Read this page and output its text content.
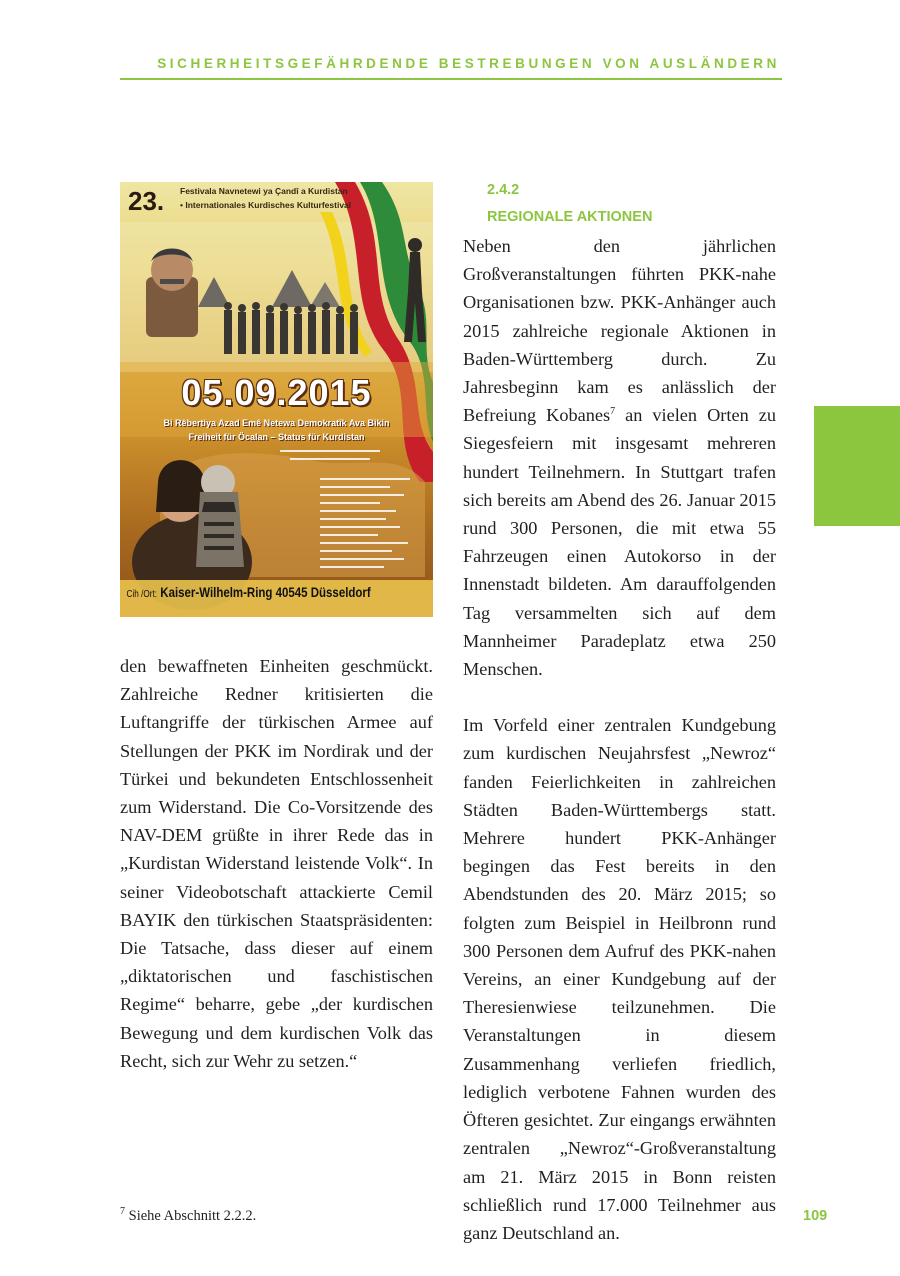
SICHERHEITSGEFÄHRDENDE BESTREBUNGEN VON AUSLÄNDERN
23. Festivala Navnetewi ya Çandî a Kurdistan
• Internationales Kurdisches Kulturfestival
05.09.2015
Bi Rêbertiya Azad Emê Netewa Demokratîk Ava Bikin
Freiheit für Öcalan – Status für Kurdistan
Cih /Ort: Kaiser-Wilhelm-Ring 40545 Düsseldorf
2.4.2
REGIONALE AKTIONEN

Neben den jährlichen Großveranstaltungen führten PKK-nahe Organisationen bzw. PKK-Anhänger auch 2015 zahlreiche regionale Aktionen in Baden-Württemberg durch. Zu Jahresbeginn kam es anlässlich der Befreiung Kobanes$^7$ an vielen Orten zu Siegesfeiern mit insgesamt mehreren hundert Teilnehmern. In Stuttgart trafen sich bereits am Abend des 26. Januar 2015 rund 300 Personen, die mit etwa 55 Fahrzeugen einen Autokorso in der Innenstadt bildeten. Am darauffolgenden Tag versammelten sich auf dem Mannheimer Paradeplatz etwa 250 Menschen.

Im Vorfeld einer zentralen Kundgebung zum kurdischen Neujahrsfest „Newroz“ fanden Feierlichkeiten in zahlreichen Städten Baden-Württembergs statt. Mehrere hundert PKK-Anhänger begingen das Fest bereits in den Abendstunden des 20. März 2015; so folgten zum Beispiel in Heilbronn rund 300 Personen dem Aufruf des PKK-nahen Vereins, an einer Kundgebung auf der Theresienwiese teilzunehmen. Die Veranstaltungen in diesem Zusammenhang verliefen friedlich, lediglich verbotene Fahnen wurden des Öfteren gesichtet. Zur eingangs erwähnten zentralen „Newroz“-Großveranstaltung am 21. März 2015 in Bonn reisten schließlich rund 17.000 Teilnehmer aus ganz Deutschland an.

den bewaffneten Einheiten geschmückt. Zahlreiche Redner kritisierten die Luftangriffe der türkischen Armee auf Stellungen der PKK im Nordirak und der Türkei und bekundeten Entschlossenheit zum Widerstand. Die Co-Vorsitzende des NAV-DEM grüßte in ihrer Rede das in „Kurdistan Widerstand leistende Volk“. In seiner Videobotschaft attackierte Cemil BAYIK den türkischen Staatspräsidenten: Die Tatsache, dass dieser auf einem „diktatorischen und faschistischen Regime“ beharre, gebe „der kurdischen Bewegung und dem kurdischen Volk das Recht, sich zur Wehr zu setzen.“

$^7$ Siehe Abschnitt 2.2.2.	109
